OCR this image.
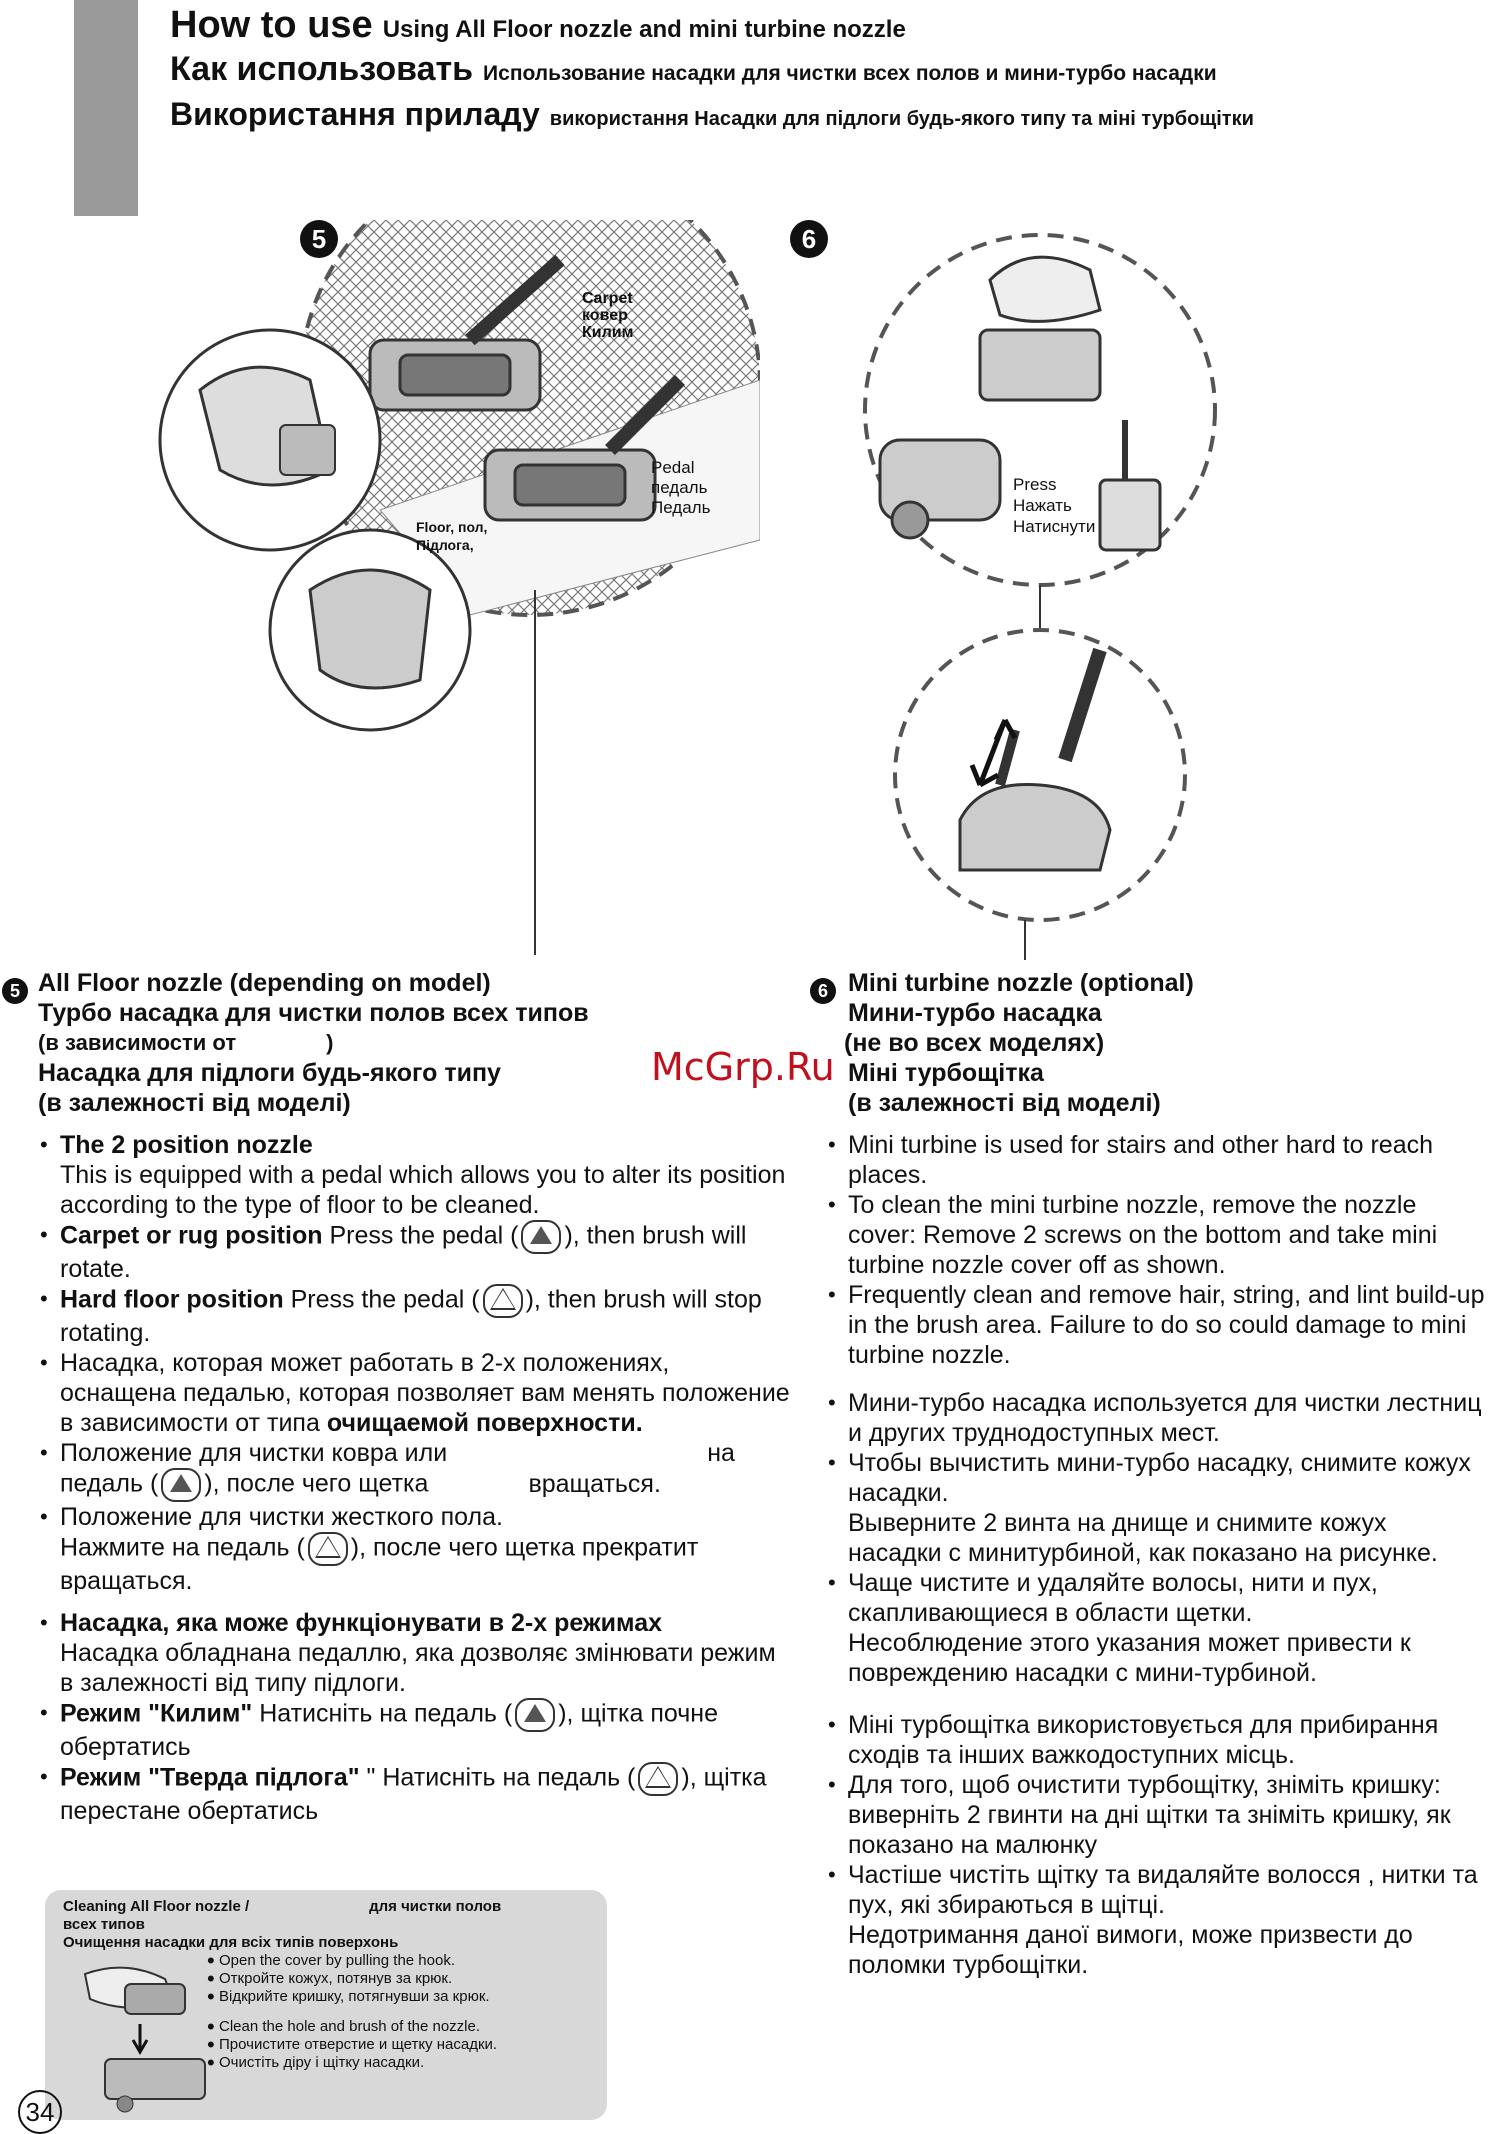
How to use Using All Floor nozzle and mini turbine nozzle
Как использовать Использование насадки для чистки всех полов и мини-турбо насадки
Використання приладу використання Насадки для підлоги будь-якого типу та міні турбощітки
5
Carpet
ковер
Килим
Pedal
педаль
Педаль
Floor, пол,
Підлога,
6
Press
Нажать
Натиснути
McGrp.Ru
5 All Floor nozzle (depending on model)
Турбо насадка для чистки полов всех типов
(в зависимости от	)
Насадка для підлоги будь-якого типу
(в залежності від моделі)

• The 2 position nozzle
This is equipped with a pedal which allows you to alter its position according to the type of floor to be cleaned.

• Carpet or rug position Press the pedal ( ), then brush will rotate.

• Hard floor position Press the pedal ( ), then brush will stop rotating.

• Насадка, которая может работать в 2-х положениях, оснащена педалью, которая позволяет вам менять положение в зависимости от типа очищаемой поверхности.

• Положение для чистки ковра или	на
педаль ( ), после чего щетка	вращаться.

• Положение для чистки жесткого пола.
Нажмите на педаль ( ), после чего щетка прекратит вращаться.

• Насадка, яка може функціонувати в 2-х режимах
Насадка обладнана педаллю, яка дозволяє змінювати режим в залежності від типу підлоги.

• Режим "Килим" Натисніть на педаль ( ), щітка почне обертатись

• Режим "Тверда підлога" " Натисніть на педаль ( ), щітка перестане обертатись

Cleaning All Floor nozzle /	для чистки полов
всех типов
Очищення насадки для всіх типів поверхонь
• Open the cover by pulling the hook.
• Откройте кожух, потянув за крюк.
• Відкрийте кришку, потягнувши за крюк.
• Clean the hole and brush of the nozzle.
• Прочистите отверстие и щетку насадки.
• Очистіть діру і щітку насадки.
6 Mini turbine nozzle (optional)
Мини-турбо насадка
(не во всех моделях)
Міні турбощітка
(в залежності від моделі)

• Mini turbine is used for stairs and other hard to reach places.

• To clean the mini turbine nozzle, remove the nozzle cover: Remove 2 screws on the bottom and take mini turbine nozzle cover off as shown.

• Frequently clean and remove hair, string, and lint build-up in the brush area. Failure to do so could damage to mini turbine nozzle.

• Мини-турбо насадка используется для чистки лестниц и других труднодоступных мест.

• Чтобы вычистить мини-турбо насадку, снимите кожух насадки.
Выверните 2 винта на днище и снимите кожух насадки с минитурбиной, как показано на рисунке.

• Чаще чистите и удаляйте волосы, нити и пух, скапливающиеся в области щетки.
Несоблюдение этого указания может привести к повреждению насадки с мини-турбиной.

• Міні турбощітка використовується для прибирання сходів та інших важкодоступних місць.

• Для того, щоб очистити турбощітку, зніміть кришку: виверніть 2 гвинти на дні щітки та зніміть кришку, як показано на малюнку

• Частіше чистіть щітку та видаляйте волосся , нитки та пух, які збираються в щітці.
Недотримання даної вимоги, може призвести до поломки турбощітки.

34
